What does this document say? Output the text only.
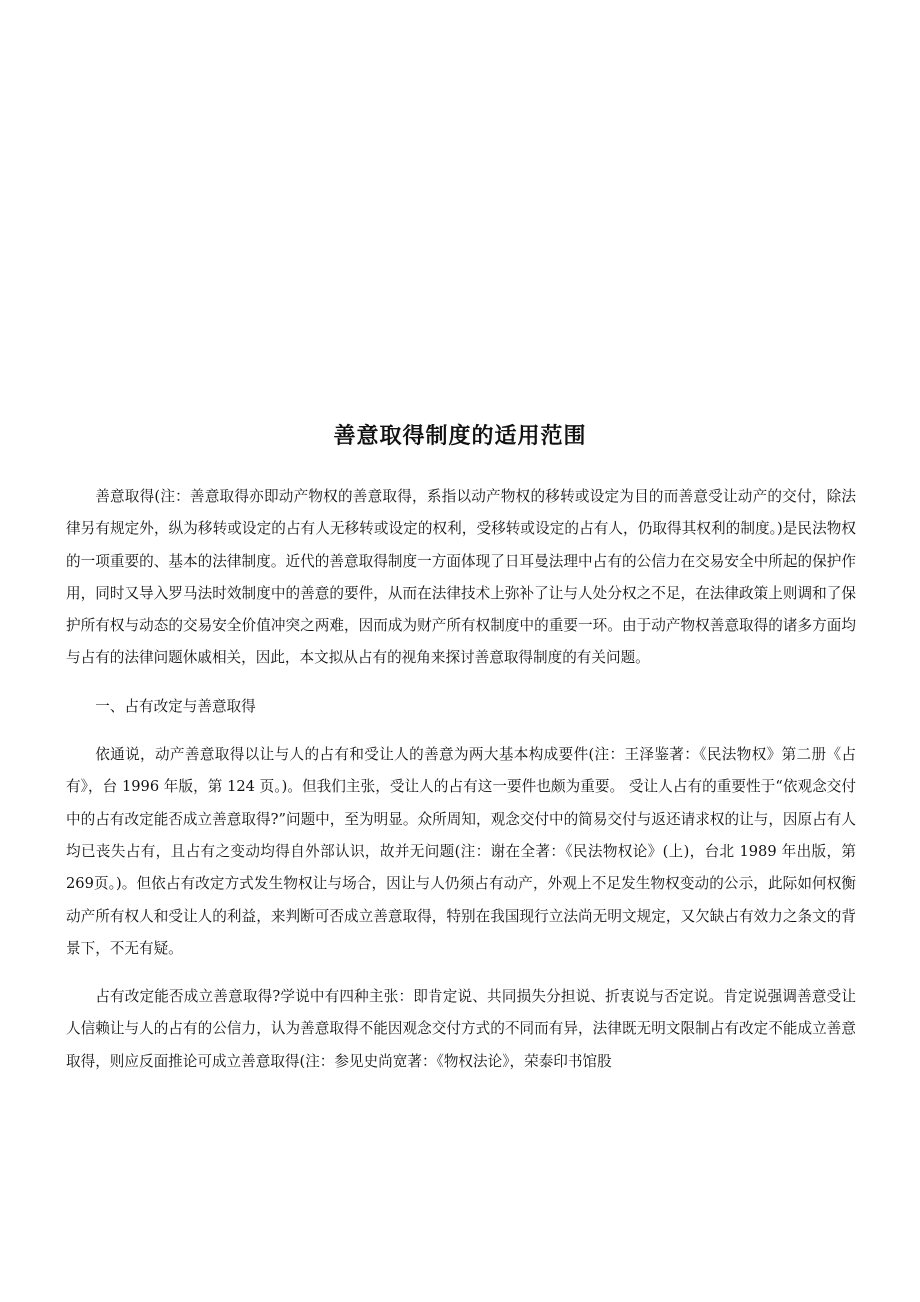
善意取得制度的适用范围

善意取得(注：善意取得亦即动产物权的善意取得，系指以动产物权的移转或设定为目的而善意受让动产的交付，除法律另有规定外，纵为移转或设定的占有人无移转或设定的权利，受移转或设定的占有人，仍取得其权利的制度。)是民法物权的一项重要的、基本的法律制度。近代的善意取得制度一方面体现了日耳曼法理中占有的公信力在交易安全中所起的保护作用，同时又导入罗马法时效制度中的善意的要件，从而在法律技术上弥补了让与人处分权之不足，在法律政策上则调和了保护所有权与动态的交易安全价值冲突之两难，因而成为财产所有权制度中的重要一环。由于动产物权善意取得的诸多方面均与占有的法律问题休戚相关，因此，本文拟从占有的视角来探讨善意取得制度的有关问题。

一、占有改定与善意取得

依通说，动产善意取得以让与人的占有和受让人的善意为两大基本构成要件(注：王泽鉴著：《民法物权》第二册《占有》，台 1996 年版，第 124 页。)。但我们主张，受让人的占有这一要件也颇为重要。 受让人占有的重要性于“依观念交付中的占有改定能否成立善意取得?”问题中，至为明显。众所周知，观念交付中的简易交付与返还请求权的让与，因原占有人均已丧失占有，且占有之变动均得自外部认识，故并无问题(注：谢在全著：《民法物权论》(上)，台北 1989 年出版，第 269页。)。但依占有改定方式发生物权让与场合，因让与人仍须占有动产，外观上不足发生物权变动的公示，此际如何权衡动产所有权人和受让人的利益，来判断可否成立善意取得，特别在我国现行立法尚无明文规定，又欠缺占有效力之条文的背景下，不无有疑。

占有改定能否成立善意取得?学说中有四种主张：即肯定说、共同损失分担说、折衷说与否定说。肯定说强调善意受让人信赖让与人的占有的公信力，认为善意取得不能因观念交付方式的不同而有异，法律既无明文限制占有改定不能成立善意取得，则应反面推论可成立善意取得(注：参见史尚宽著：《物权法论》，荣泰印书馆股
